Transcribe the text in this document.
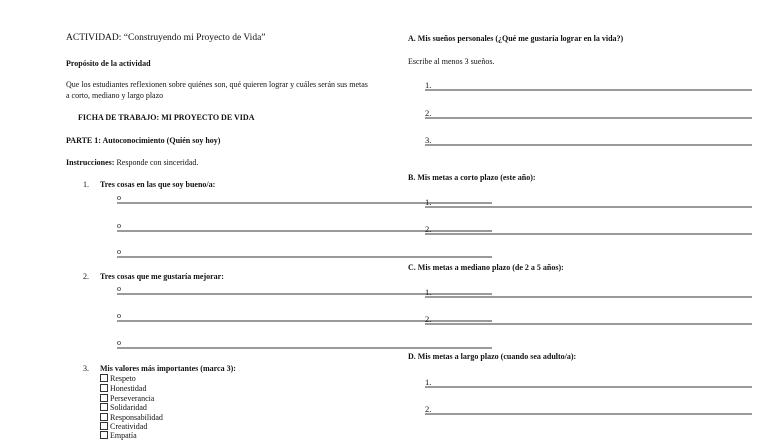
ACTIVIDAD: “Construyendo mi Proyecto de Vida”
Propósito de la actividad
Que los estudiantes reflexionen sobre quiénes son, qué quieren lograr y cuáles serán sus metas a corto, mediano y largo plazo
FICHA DE TRABAJO: MI PROYECTO DE VIDA
PARTE 1: Autoconocimiento (Quién soy hoy)
Instrucciones: Responde con sinceridad.
1. Tres cosas en las que soy bueno/a:
o
o
o
2. Tres cosas que me gustaría mejorar:
o
o
o
3. Mis valores más importantes (marca 3):
Respeto
Honestidad
Perseverancia
Solidaridad
Responsabilidad
Creatividad
Empatía
A. Mis sueños personales (¿Qué me gustaría lograr en la vida?)
Escribe al menos 3 sueños.
1.
2.
3.
B. Mis metas a corto plazo (este año):
1.
2.
C. Mis metas a mediano plazo (de 2 a 5 años):
1.
2.
D. Mis metas a largo plazo (cuando sea adulto/a):
1.
2.
